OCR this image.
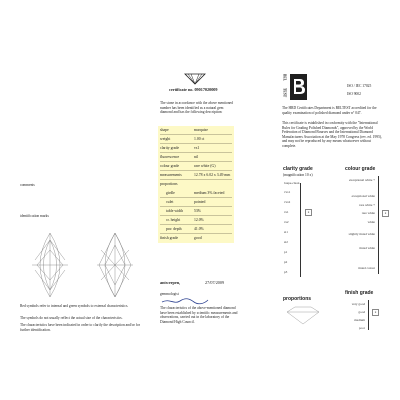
comments
identification marks
Red symbols refer to internal and green symbols to external characteristics.
The symbols do not usually reflect the actual size of the characteristics.
The characteristics have been indicated in order to clarify the description and/or for further identification.
certificate no. 09017020009
The stone in accordance with the above mentioned number has been identified as a natural gem diamond and has the following description:
shape	marquise
weight	1.00 ct
clarity grade	vs1
fluorescence	nil
colour grade	rare white (G)
measurements	12.78 x 6.02 x 3.49 mm
proportions
girdle	medium 3% faceted
culet	pointed
table width	53%
cr. height	12.0%
pav. depth	41.0%
finish grade	good
antwerpen,	27/07/2009
gemmologist
The characteristics of the above-mentioned diamond have been established by scientific measurements and observations, carried out in the laboratory of the Diamond High Council.
BEL
TEST
ISO / IEC 17025
ISO 9002
The HRD Certificates Department is BELTEST accredited for the quality examination of polished diamond under n° 047.
This certificate is established in conformity with the "International Rules for Grading Polished Diamonds", approved by the World Federation of Diamond Bourses and the International Diamond Manufacturers Association at the May 1978 Congress (rev. ed. 1995), and may not be reproduced by any means whatsoever without complete.
clarity grade
(magnification 10 x)
loupe-clean
vvs1
vvs2
vs1	x
vs2
si1
si2
p1
p2
p3
colour grade
exceptional white +
exceptional white
rare white +
rare white	x
white
slightly tinted white
tinted white
tinted colour
proportions
finish grade
very good
good	x
medium
poor
